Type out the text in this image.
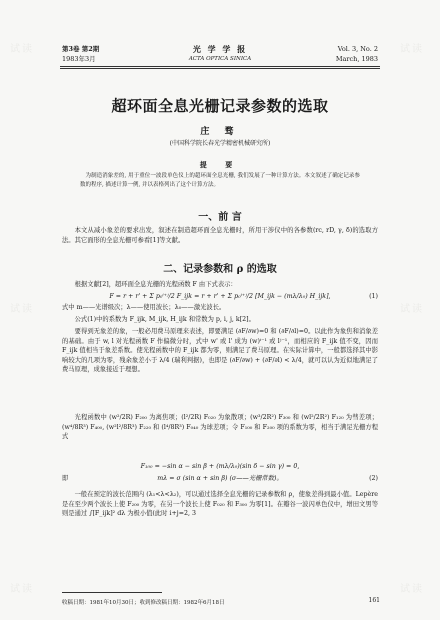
试读	试读
试读	试读
试读	试读
第3卷 第2期
1983年3月
光 学 学 报
ACTA OPTICA SINICA
Vol. 3, No. 2
March, 1983
超环面全息光栅记录参数的选取
庄 骛
(中国科学院长春光学精密机械研究所)
提 要
为制造消象差的, 用于重位一波段单色仪上的超环面全息光栅, 我们发展了一种计算方法。本文叙述了确定记录参数的程序, 描述计算一例, 并以表格列出了这个计算方法。
一、前 言
本文从减小象差的要求出发，叙述在制造超环面全息光栅时，所用干涉仪中的各参数(rc, rD, γ, δ)的选取方法。其它面形的全息光栅可参看[1]等文献。
二、记录参数和 ρ 的选取
根据文献[2]，超环面全息光栅的光程函数 F 由下式表示：
F = r + r' + Σ p₀ⁱ⁺ʲ/2 F_ijk = r + r' + Σ p₀ⁱ⁺ʲ/2 [M_ijk − (mλ/λ₀) H_ijk],	(1)
式中 m——光谱级次；λ——使用波长；λ₀——激光波长。
公式(1)中的系数为 F_ijk, M_ijk, H_ijk 和常数为 p, i, j, k[2]。
要得到无象差的象，一般必用费马原理来表述，即要满足 (∂F/∂w)=0 和 (∂F/∂l)=0。以此作为象焦和消象差的基础。由于 w, l 对光程函数 F 作偏微分时，式中 w' 或 l' 成为 (w)ⁱ⁻¹ 或 lʲ⁻¹，而相应的 F_ijk 值不变，因而 F_ijk 值相当于象差系数。使光程函数中的 F_ijk 都为零，则满足了费马原理。在实际计算中，一般都选择其中影响较大的几项为零，残余象差小于 λ/4 (瑞利判据)，也即是 (∂F/∂w) + (∂F/∂l) < λ/4，就可以认为近似地满足了费马原理，成象接近于理想。
光程函数中 (w²/2R) F₂₀₀ 为离焦项；(l²/2R) F₀₂₀ 为象散项；(w³/2R²) F₃₀₀ 和 (wl²/2R²) F₁₂₀ 为彗差项；(w⁴/8R³) F₄₀₀, (w²l²/8R³) F₂₂₀ 和 (l⁴/8R³) F₀₄₀ 为球差项；令 F₁₀₀ 和 F₂₀₀ 项的系数为零，相当于满足光栅方程式
F₁₀₀ = −sin α − sin β + (mλ/λ₀)(sin δ − sin γ) = 0,
即	mλ = σ (sin α + sin β) (σ——光栅常数)。	(2)
一般在预定的波长范围内 (λ₁<λ<λ₂)，可以通过选择全息光栅的记录参数和 ρ，使象差得到最小值。Lepère 是在至少两个波长上使 F₂₀₀ 为零，在另一个波长上使 F₀₂₀ 和 F₃₀₀ 为零[1]。在瓣谷一波闪单色仪中，增田文男等则是通过 ∫[F_ijk]² dλ 为极小值(此时 i+j=2, 3
收稿日期：1981年10月30日；收到修改稿日期：1982年6月18日	161
